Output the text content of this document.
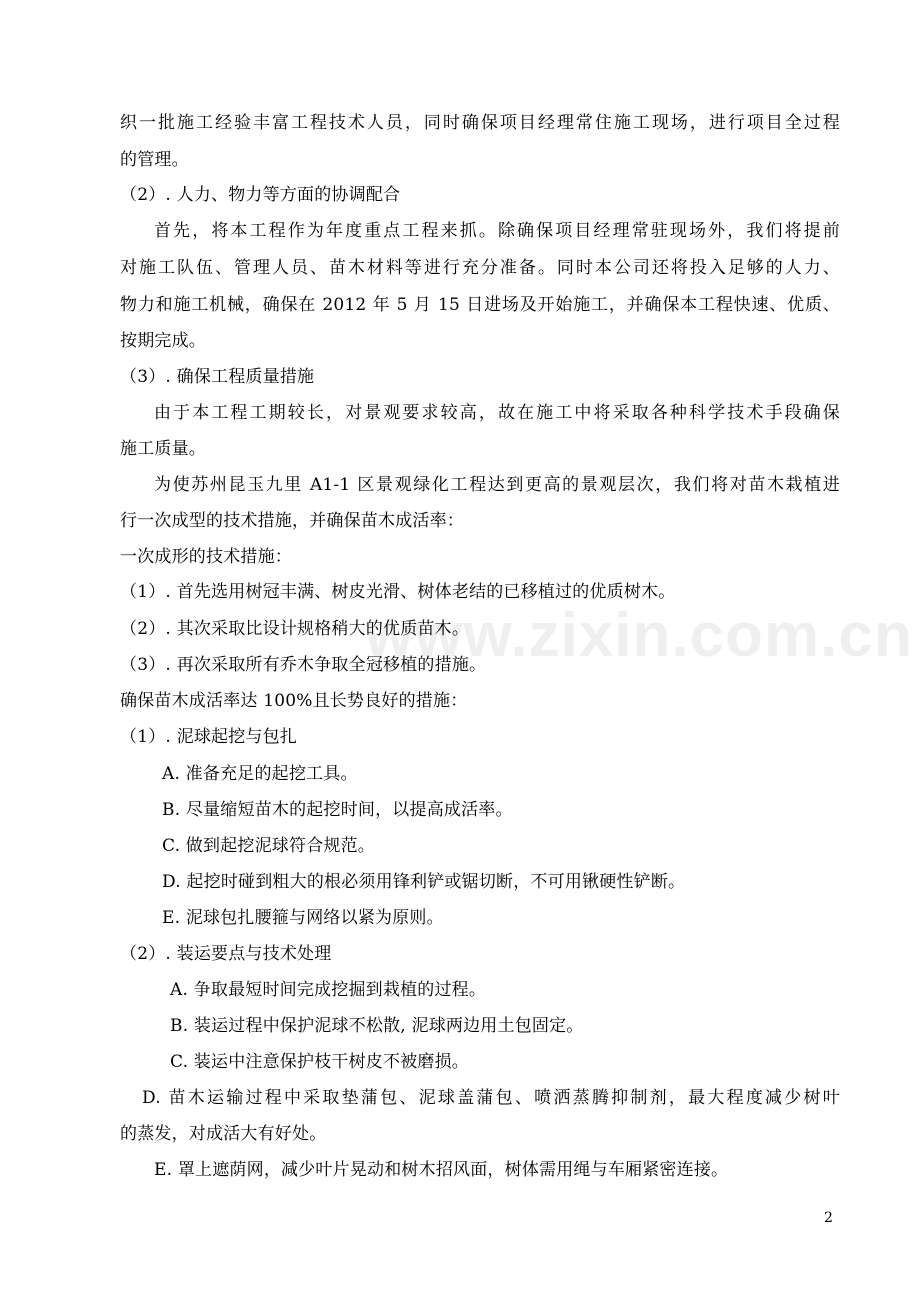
www.zixin.com.cn
织一批施工经验丰富工程技术人员，同时确保项目经理常住施工现场，进行项目全过程
的管理。
（2）. 人力、物力等方面的协调配合
首先，将本工程作为年度重点工程来抓。除确保项目经理常驻现场外，我们将提前
对施工队伍、管理人员、苗木材料等进行充分准备。同时本公司还将投入足够的人力、
物力和施工机械，确保在 2012 年 5 月 15 日进场及开始施工，并确保本工程快速、优质、
按期完成。
（3）. 确保工程质量措施
由于本工程工期较长，对景观要求较高，故在施工中将采取各种科学技术手段确保
施工质量。
为使苏州昆玉九里 A1-1 区景观绿化工程达到更高的景观层次，我们将对苗木栽植进
行一次成型的技术措施，并确保苗木成活率：
一次成形的技术措施：
（1）. 首先选用树冠丰满、树皮光滑、树体老结的已移植过的优质树木。
（2）. 其次采取比设计规格稍大的优质苗木。
（3）. 再次采取所有乔木争取全冠移植的措施。
确保苗木成活率达 100%且长势良好的措施：
（1）. 泥球起挖与包扎
A. 准备充足的起挖工具。
B. 尽量缩短苗木的起挖时间，以提高成活率。
C. 做到起挖泥球符合规范。
D. 起挖时碰到粗大的根必须用锋利铲或锯切断，不可用锹硬性铲断。
E. 泥球包扎腰箍与网络以紧为原则。
（2）. 装运要点与技术处理
A. 争取最短时间完成挖掘到栽植的过程。
B. 装运过程中保护泥球不松散, 泥球两边用土包固定。
C. 装运中注意保护枝干树皮不被磨损。
D. 苗木运输过程中采取垫蒲包、泥球盖蒲包、喷洒蒸腾抑制剂，最大程度减少树叶
的蒸发，对成活大有好处。
E. 罩上遮荫网，减少叶片晃动和树木招风面，树体需用绳与车厢紧密连接。
2
